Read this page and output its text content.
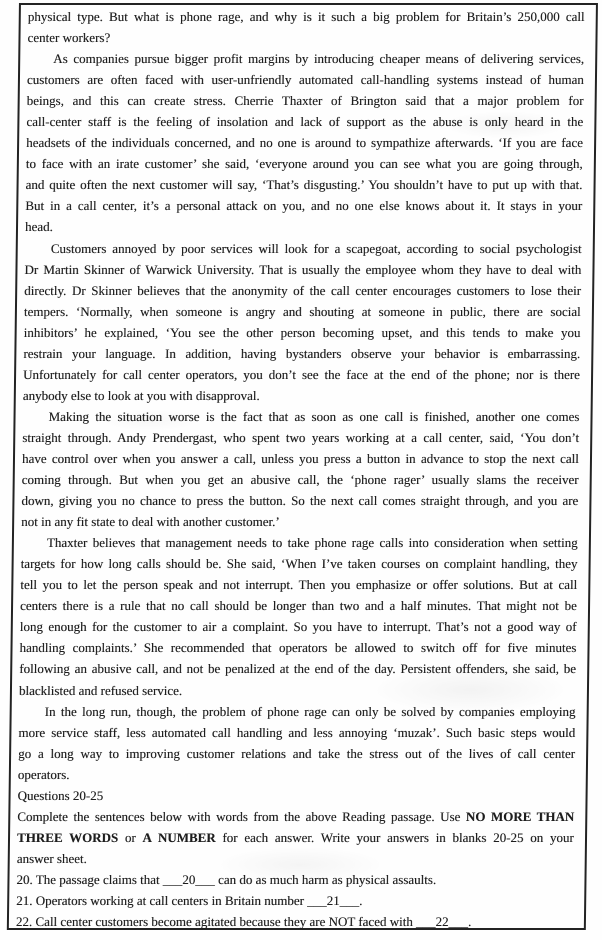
physical type. But what is phone rage, and why is it such a big problem for Britain’s 250,000 call
center workers?
As companies pursue bigger profit margins by introducing cheaper means of delivering services,
customers are often faced with user-unfriendly automated call-handling systems instead of human
beings, and this can create stress. Cherrie Thaxter of Brington said that a major problem for
call-center staff is the feeling of insolation and lack of support as the abuse is only heard in the
headsets of the individuals concerned, and no one is around to sympathize afterwards. ‘If you are face
to face with an irate customer’ she said, ‘everyone around you can see what you are going through,
and quite often the next customer will say, ‘That’s disgusting.’ You shouldn’t have to put up with that.
But in a call center, it’s a personal attack on you, and no one else knows about it. It stays in your
head.
Customers annoyed by poor services will look for a scapegoat, according to social psychologist
Dr Martin Skinner of Warwick University. That is usually the employee whom they have to deal with
directly. Dr Skinner believes that the anonymity of the call center encourages customers to lose their
tempers. ‘Normally, when someone is angry and shouting at someone in public, there are social
inhibitors’ he explained, ‘You see the other person becoming upset, and this tends to make you
restrain your language. In addition, having bystanders observe your behavior is embarrassing.
Unfortunately for call center operators, you don’t see the face at the end of the phone; nor is there
anybody else to look at you with disapproval.
Making the situation worse is the fact that as soon as one call is finished, another one comes
straight through. Andy Prendergast, who spent two years working at a call center, said, ‘You don’t
have control over when you answer a call, unless you press a button in advance to stop the next call
coming through. But when you get an abusive call, the ‘phone rager’ usually slams the receiver
down, giving you no chance to press the button. So the next call comes straight through, and you are
not in any fit state to deal with another customer.’
Thaxter believes that management needs to take phone rage calls into consideration when setting
targets for how long calls should be. She said, ‘When I’ve taken courses on complaint handling, they
tell you to let the person speak and not interrupt. Then you emphasize or offer solutions. But at call
centers there is a rule that no call should be longer than two and a half minutes. That might not be
long enough for the customer to air a complaint. So you have to interrupt. That’s not a good way of
handling complaints.’ She recommended that operators be allowed to switch off for five minutes
following an abusive call, and not be penalized at the end of the day. Persistent offenders, she said, be
blacklisted and refused service.
In the long run, though, the problem of phone rage can only be solved by companies employing
more service staff, less automated call handling and less annoying ‘muzak’. Such basic steps would
go a long way to improving customer relations and take the stress out of the lives of call center
operators.
Questions 20-25
Complete the sentences below with words from the above Reading passage. Use NO MORE THAN
THREE WORDS or A NUMBER for each answer. Write your answers in blanks 20-25 on your
answer sheet.
20. The passage claims that ___20___ can do as much harm as physical assaults.
21. Operators working at call centers in Britain number ___21___.
22. Call center customers become agitated because they are NOT faced with ___22___.
